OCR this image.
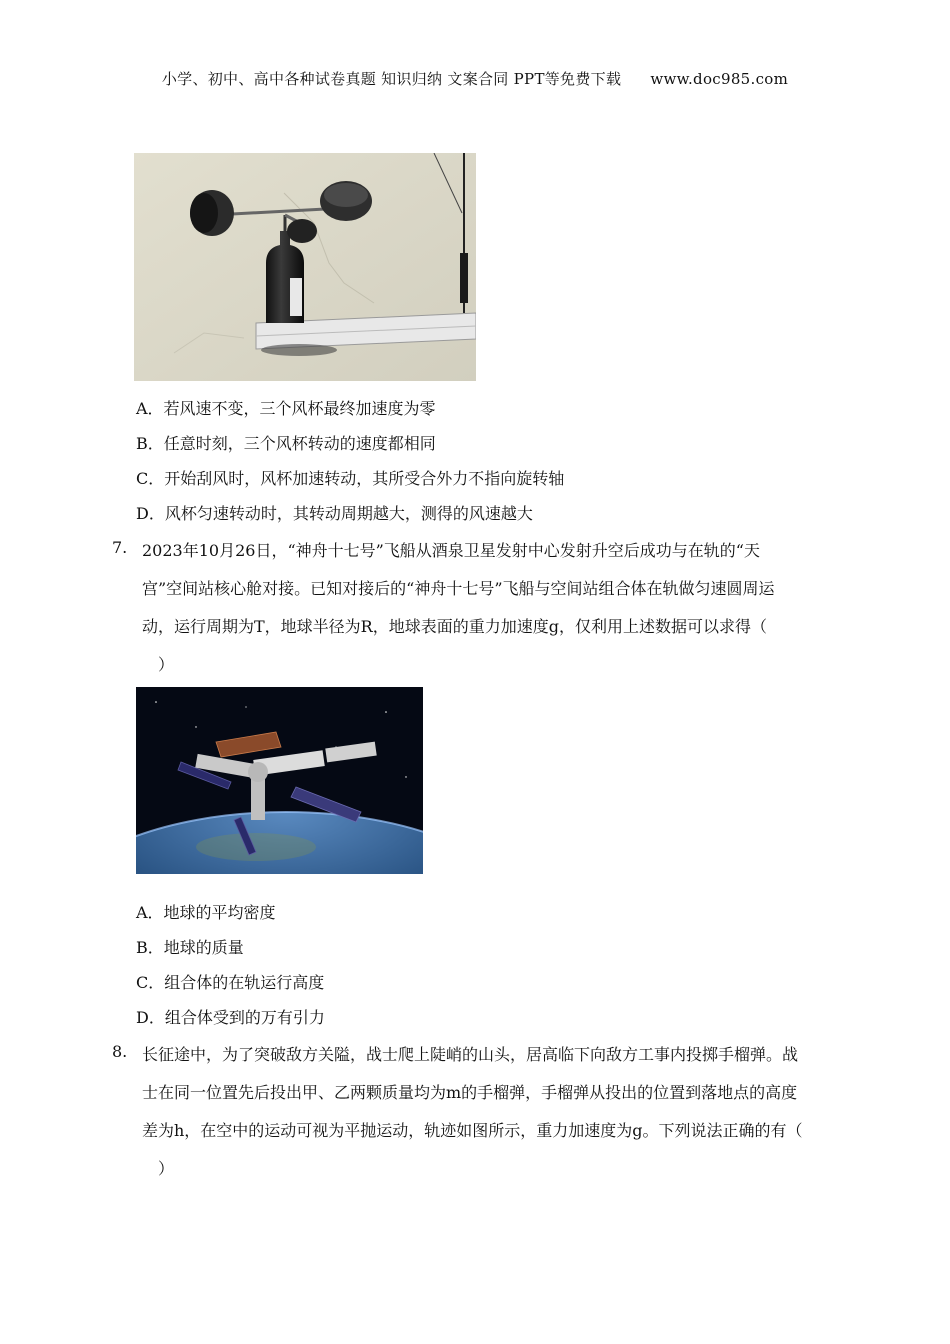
小学、初中、高中各种试卷真题 知识归纳 文案合同 PPT等免费下载 www.doc985.com
A．若风速不变，三个风杯最终加速度为零
B．任意时刻，三个风杯转动的速度都相同
C．开始刮风时，风杯加速转动，其所受合外力不指向旋转轴
D．风杯匀速转动时，其转动周期越大，测得的风速越大
7. 2023年10月26日，“神舟十七号”飞船从酒泉卫星发射中心发射升空后成功与在轨的“天
宫”空间站核心舱对接。已知对接后的“神舟十七号”飞船与空间站组合体在轨做匀速圆周运
动，运行周期为T，地球半径为R，地球表面的重力加速度g，仅利用上述数据可以求得（
）
A．地球的平均密度
B．地球的质量
C．组合体的在轨运行高度
D．组合体受到的万有引力
8. 长征途中，为了突破敌方关隘，战士爬上陡峭的山头，居高临下向敌方工事内投掷手榴弹。战
士在同一位置先后投出甲、乙两颗质量均为m的手榴弹，手榴弹从投出的位置到落地点的高度
差为h，在空中的运动可视为平抛运动，轨迹如图所示，重力加速度为g。下列说法正确的有（
）
